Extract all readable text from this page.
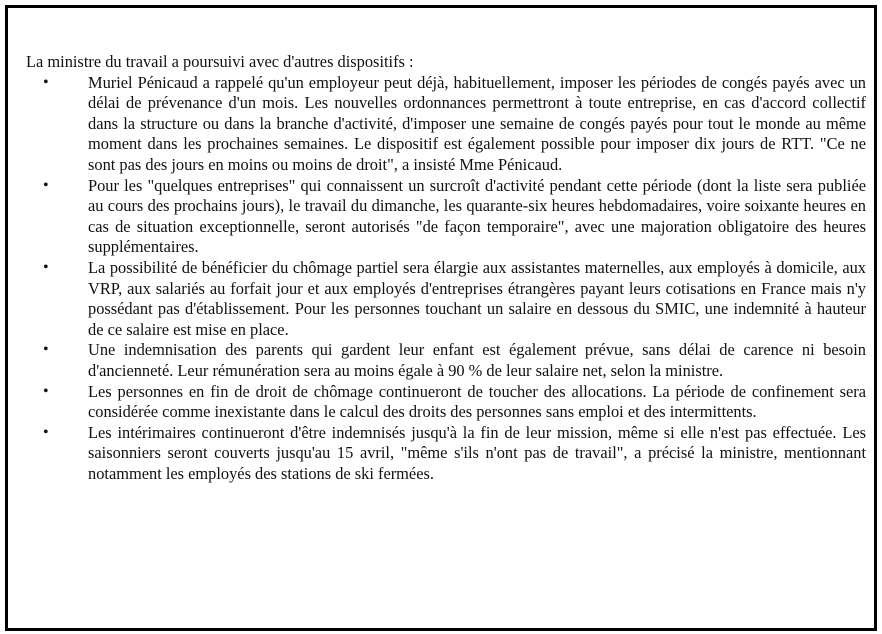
La ministre du travail a poursuivi avec d'autres dispositifs :

• Muriel Pénicaud a rappelé qu'un employeur peut déjà, habituellement, imposer les périodes de congés payés avec un délai de prévenance d'un mois. Les nouvelles ordonnances permettront à toute entreprise, en cas d'accord collectif dans la structure ou dans la branche d'activité, d'imposer une semaine de congés payés pour tout le monde au même moment dans les prochaines semaines. Le dispositif est également possible pour imposer dix jours de RTT. "Ce ne sont pas des jours en moins ou moins de droit", a insisté Mme Pénicaud.
• Pour les "quelques entreprises" qui connaissent un surcroît d'activité pendant cette période (dont la liste sera publiée au cours des prochains jours), le travail du dimanche, les quarante-six heures hebdomadaires, voire soixante heures en cas de situation exceptionnelle, seront autorisés "de façon temporaire", avec une majoration obligatoire des heures supplémentaires.
• La possibilité de bénéficier du chômage partiel sera élargie aux assistantes maternelles, aux employés à domicile, aux VRP, aux salariés au forfait jour et aux employés d'entreprises étrangères payant leurs cotisations en France mais n'y possédant pas d'établissement. Pour les personnes touchant un salaire en dessous du SMIC, une indemnité à hauteur de ce salaire est mise en place.
• Une indemnisation des parents qui gardent leur enfant est également prévue, sans délai de carence ni besoin d'ancienneté. Leur rémunération sera au moins égale à 90 % de leur salaire net, selon la ministre.
• Les personnes en fin de droit de chômage continueront de toucher des allocations. La période de confinement sera considérée comme inexistante dans le calcul des droits des personnes sans emploi et des intermittents.
• Les intérimaires continueront d'être indemnisés jusqu'à la fin de leur mission, même si elle n'est pas effectuée. Les saisonniers seront couverts jusqu'au 15 avril, "même s'ils n'ont pas de travail", a précisé la ministre, mentionnant notamment les employés des stations de ski fermées.
